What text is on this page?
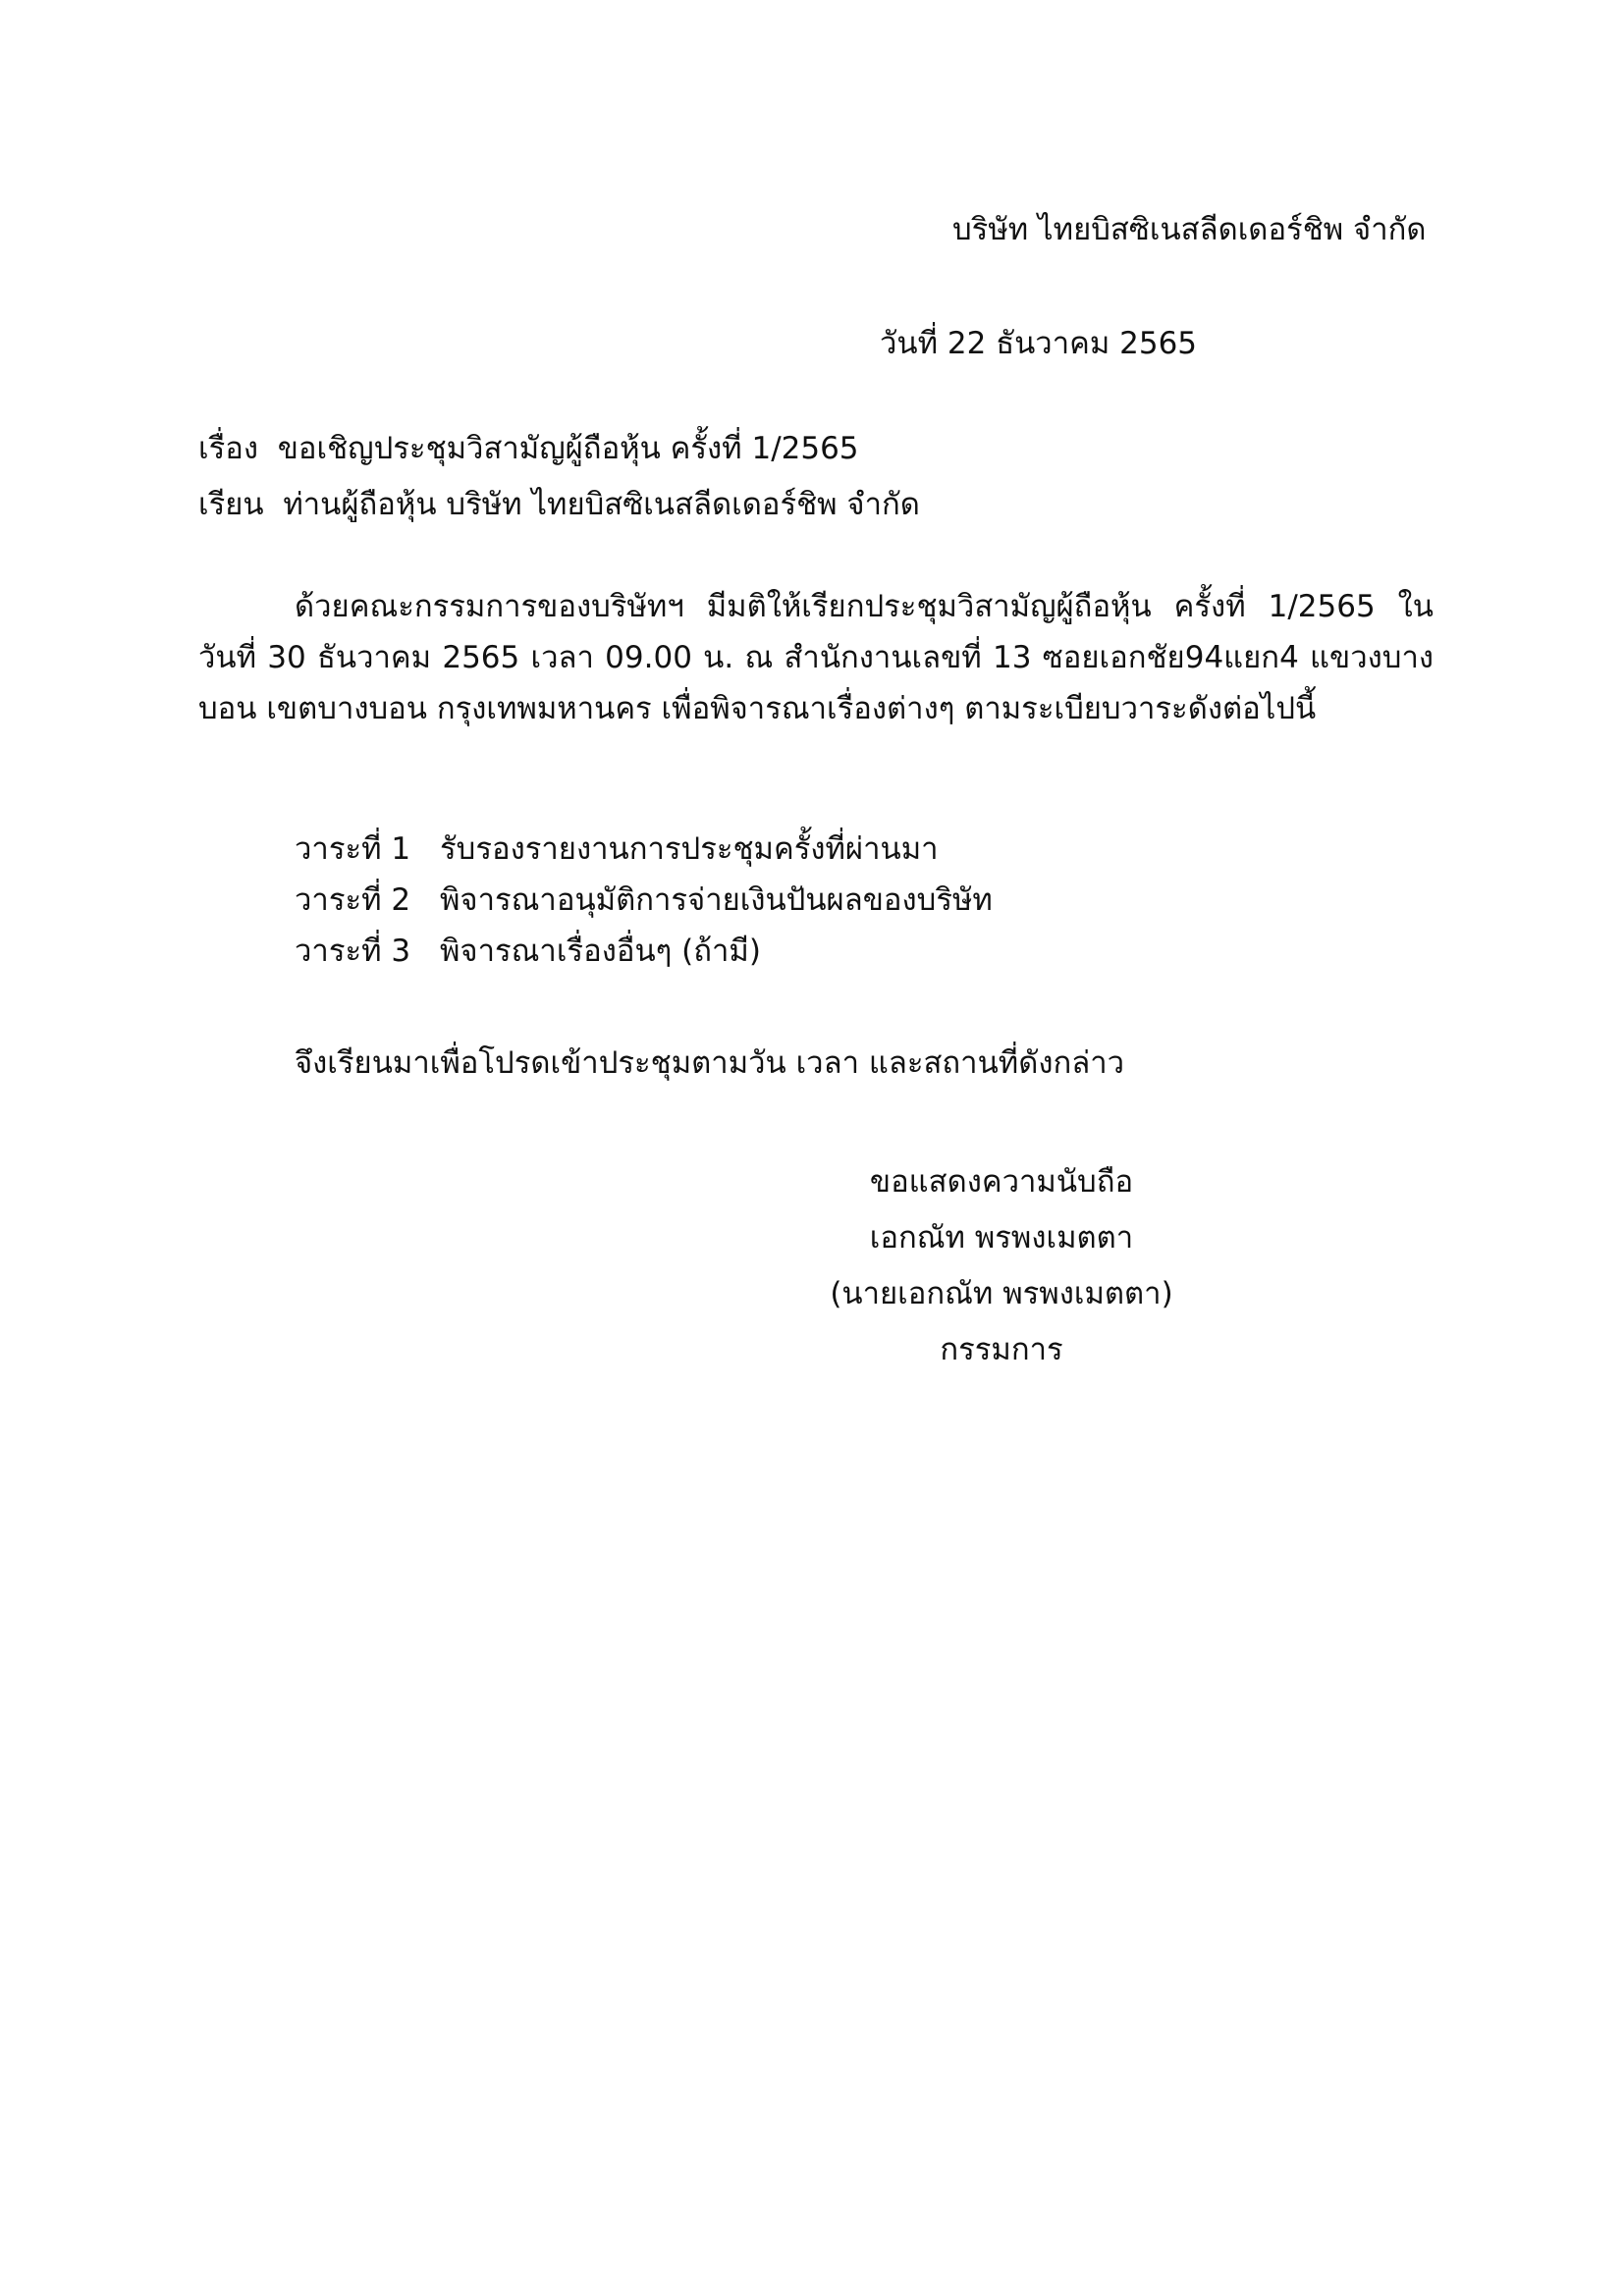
บริษัท ไทยบิสซิเนสลีดเดอร์ชิพ จำกัด
วันที่ 22 ธันวาคม 2565
เรื่อง ขอเชิญประชุมวิสามัญผู้ถือหุ้น ครั้งที่ 1/2565
เรียน ท่านผู้ถือหุ้น บริษัท ไทยบิสซิเนสลีดเดอร์ชิพ จำกัด
ด้วยคณะกรรมการของบริษัทฯ มีมติให้เรียกประชุมวิสามัญผู้ถือหุ้น ครั้งที่ 1/2565 ใน
วันที่ 30 ธันวาคม 2565 เวลา 09.00 น. ณ สำนักงานเลขที่ 13 ซอยเอกชัย94แยก4 แขวงบาง
บอน เขตบางบอน กรุงเทพมหานคร เพื่อพิจารณาเรื่องต่างๆ ตามระเบียบวาระดังต่อไปนี้
วาระที่ 1 รับรองรายงานการประชุมครั้งที่ผ่านมา
วาระที่ 2 พิจารณาอนุมัติการจ่ายเงินปันผลของบริษัท
วาระที่ 3 พิจารณาเรื่องอื่นๆ (ถ้ามี)
จึงเรียนมาเพื่อโปรดเข้าประชุมตามวัน เวลา และสถานที่ดังกล่าว
ขอแสดงความนับถือ
เอกณัท พรพงเมตตา
(นายเอกณัท พรพงเมตตา)
กรรมการ
